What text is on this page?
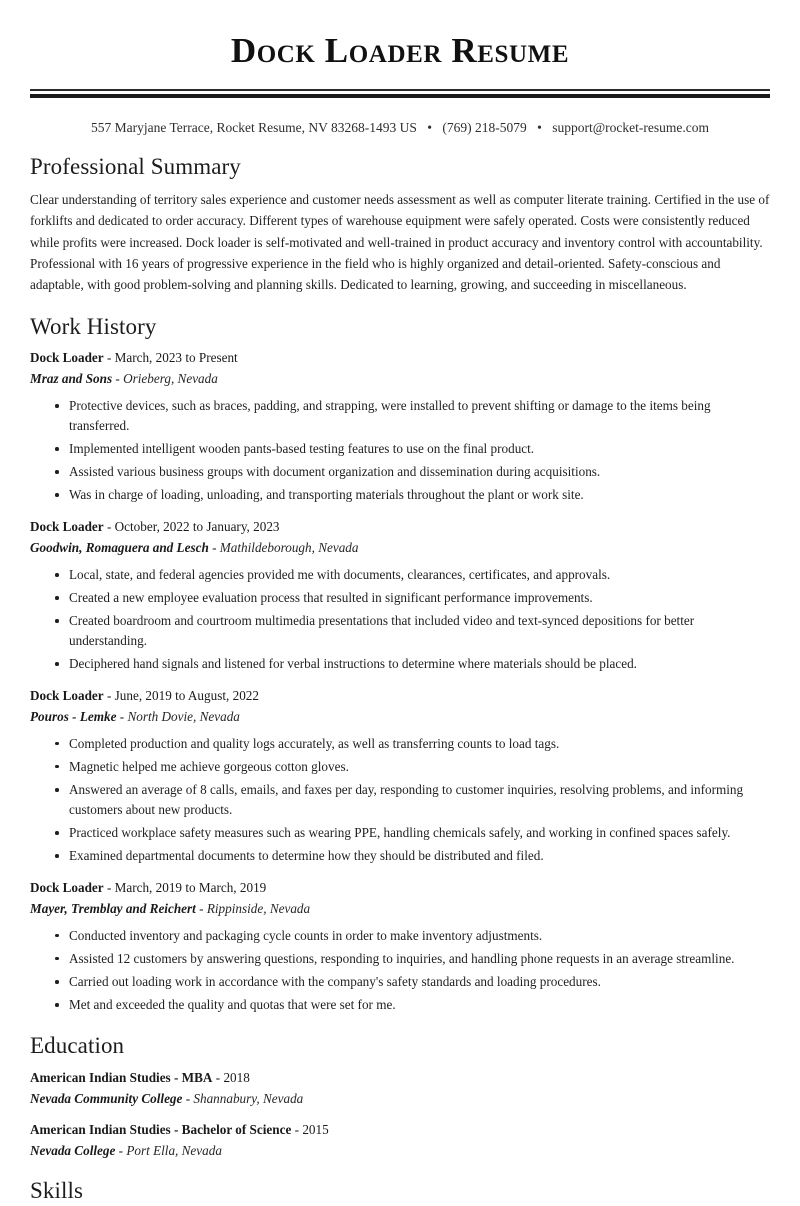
Dock Loader Resume
557 Maryjane Terrace, Rocket Resume, NV 83268-1493 US • (769) 218-5079 • support@rocket-resume.com
Professional Summary

Clear understanding of territory sales experience and customer needs assessment as well as computer literate training. Certified in the use of forklifts and dedicated to order accuracy. Different types of warehouse equipment were safely operated. Costs were consistently reduced while profits were increased. Dock loader is self-motivated and well-trained in product accuracy and inventory control with accountability. Professional with 16 years of progressive experience in the field who is highly organized and detail-oriented. Safety-conscious and adaptable, with good problem-solving and planning skills. Dedicated to learning, growing, and succeeding in miscellaneous.

Work History
Dock Loader - March, 2023 to Present
Mraz and Sons - Orieberg, Nevada
Protective devices, such as braces, padding, and strapping, were installed to prevent shifting or damage to the items being transferred.
Implemented intelligent wooden pants-based testing features to use on the final product.
Assisted various business groups with document organization and dissemination during acquisitions.
Was in charge of loading, unloading, and transporting materials throughout the plant or work site.
Dock Loader - October, 2022 to January, 2023
Goodwin, Romaguera and Lesch - Mathildeborough, Nevada
Local, state, and federal agencies provided me with documents, clearances, certificates, and approvals.
Created a new employee evaluation process that resulted in significant performance improvements.
Created boardroom and courtroom multimedia presentations that included video and text-synced depositions for better understanding.
Deciphered hand signals and listened for verbal instructions to determine where materials should be placed.
Dock Loader - June, 2019 to August, 2022
Pouros - Lemke - North Dovie, Nevada
Completed production and quality logs accurately, as well as transferring counts to load tags.
Magnetic helped me achieve gorgeous cotton gloves.
Answered an average of 8 calls, emails, and faxes per day, responding to customer inquiries, resolving problems, and informing customers about new products.
Practiced workplace safety measures such as wearing PPE, handling chemicals safely, and working in confined spaces safely.
Examined departmental documents to determine how they should be distributed and filed.
Dock Loader - March, 2019 to March, 2019
Mayer, Tremblay and Reichert - Rippinside, Nevada
Conducted inventory and packaging cycle counts in order to make inventory adjustments.
Assisted 12 customers by answering questions, responding to inquiries, and handling phone requests in an average streamline.
Carried out loading work in accordance with the company's safety standards and loading procedures.
Met and exceeded the quality and quotas that were set for me.
Education
American Indian Studies - MBA - 2018
Nevada Community College - Shannabury, Nevada
American Indian Studies - Bachelor of Science - 2015
Nevada College - Port Ella, Nevada
Skills
